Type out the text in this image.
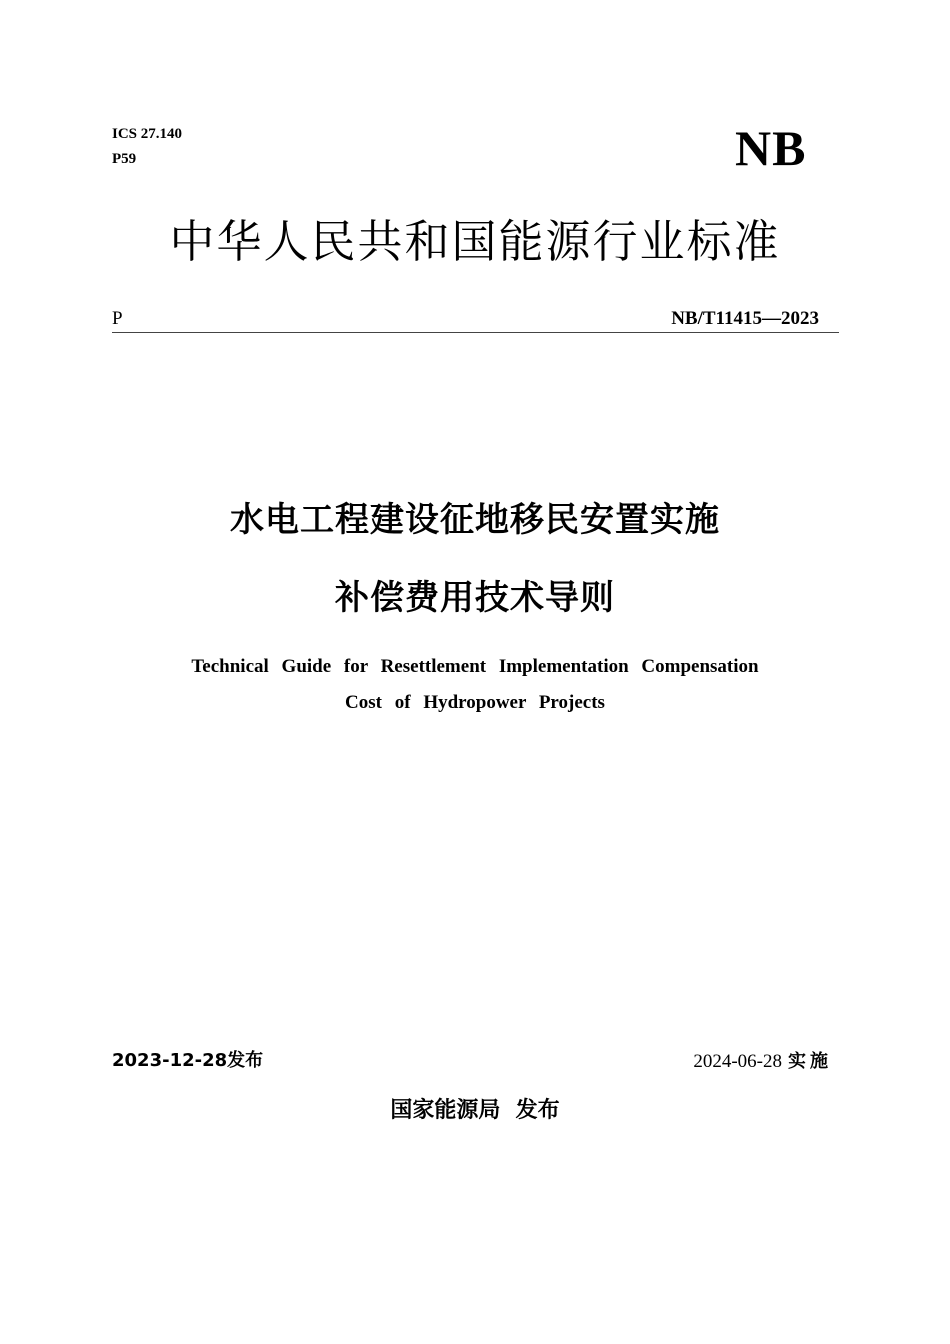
ICS 27.140
P59	NB
中华人民共和国能源行业标准
P	NB/T11415—2023
水电工程建设征地移民安置实施
补偿费用技术导则
Technical Guide for Resettlement Implementation Compensation
Cost of Hydropower Projects
2023-12-28发布	2024-06-28 实施
国家能源局  发布
